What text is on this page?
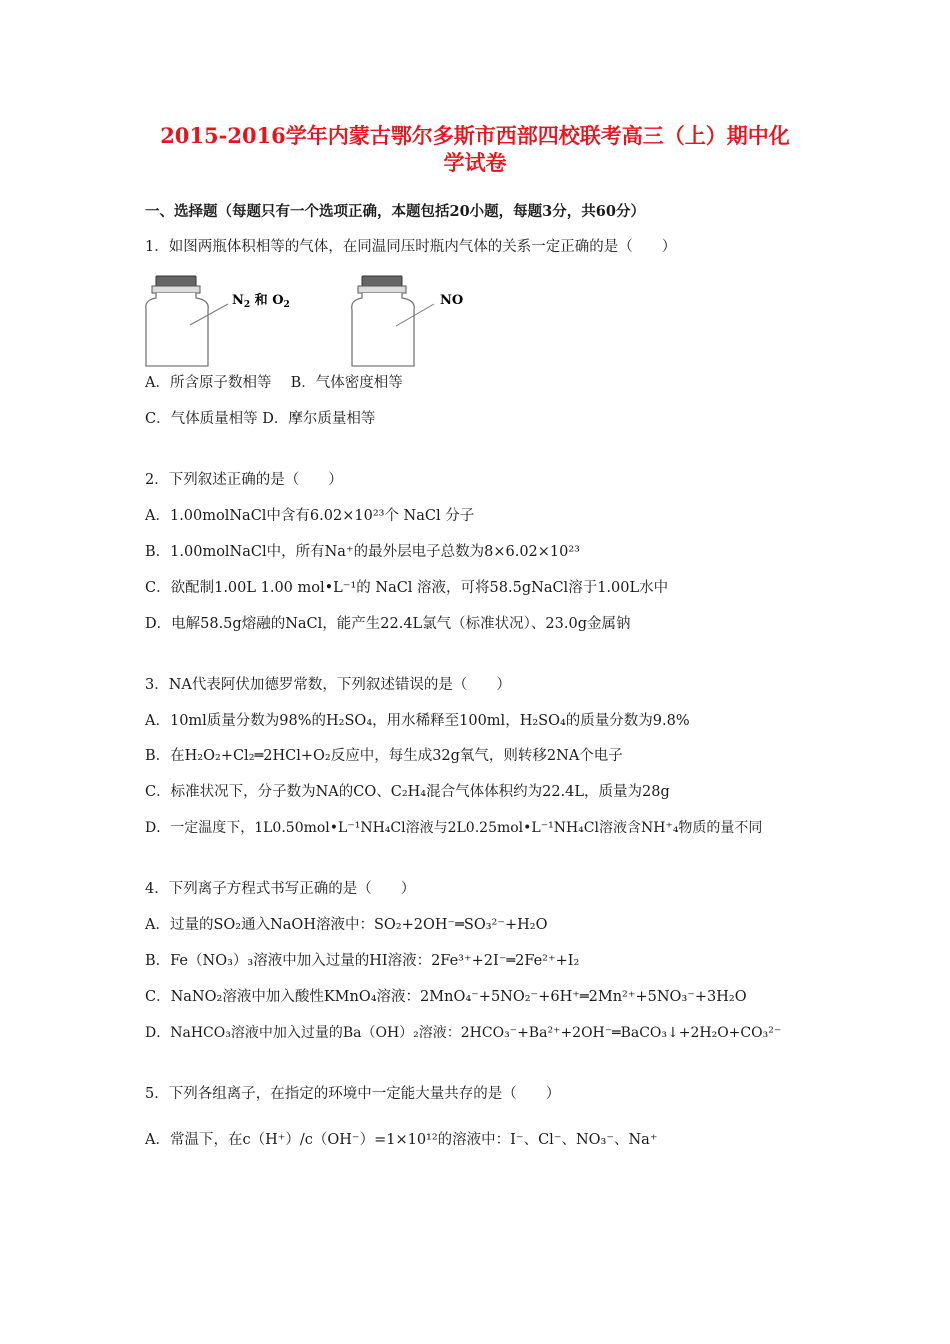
2015-2016学年内蒙古鄂尔多斯市西部四校联考高三（上）期中化
学试卷
一、选择题（每题只有一个选项正确，本题包括20小题，每题3分，共60分）
1．如图两瓶体积相等的气体，在同温同压时瓶内气体的关系一定正确的是（　　）
$N_2$ 和 $O_2$	NO
A．所含原子数相等　 B．气体密度相等
C．气体质量相等 D．摩尔质量相等
2．下列叙述正确的是（　　）
A．1.00molNaCl中含有6.02×10²³个 NaCl 分子
B．1.00molNaCl中，所有Na⁺的最外层电子总数为8×6.02×10²³
C．欲配制1.00L 1.00 mol•L⁻¹的 NaCl 溶液，可将58.5gNaCl溶于1.00L水中
D．电解58.5g熔融的NaCl，能产生22.4L氯气（标准状况）、23.0g金属钠
3．NA代表阿伏加德罗常数，下列叙述错误的是（　　）
A．10ml质量分数为98%的H₂SO₄，用水稀释至100ml，H₂SO₄的质量分数为9.8%
B．在H₂O₂+Cl₂═2HCl+O₂反应中，每生成32g氧气，则转移2NA个电子
C．标准状况下，分子数为NA的CO、C₂H₄混合气体体积约为22.4L，质量为28g
D．一定温度下，1L0.50mol•L⁻¹NH₄Cl溶液与2L0.25mol•L⁻¹NH₄Cl溶液含NH⁺₄物质的量不同
4．下列离子方程式书写正确的是（　　）
A．过量的SO₂通入NaOH溶液中：SO₂+2OH⁻═SO₃²⁻+H₂O
B．Fe（NO₃）₃溶液中加入过量的HI溶液：2Fe³⁺+2I⁻═2Fe²⁺+I₂
C．NaNO₂溶液中加入酸性KMnO₄溶液：2MnO₄⁻+5NO₂⁻+6H⁺═2Mn²⁺+5NO₃⁻+3H₂O
D．NaHCO₃溶液中加入过量的Ba（OH）₂溶液：2HCO₃⁻+Ba²⁺+2OH⁻═BaCO₃↓+2H₂O+CO₃²⁻
5．下列各组离子，在指定的环境中一定能大量共存的是（　　）
A．常温下，在c（H⁺）/c（OH⁻）=1×10¹²的溶液中：I⁻、Cl⁻、NO₃⁻、Na⁺
